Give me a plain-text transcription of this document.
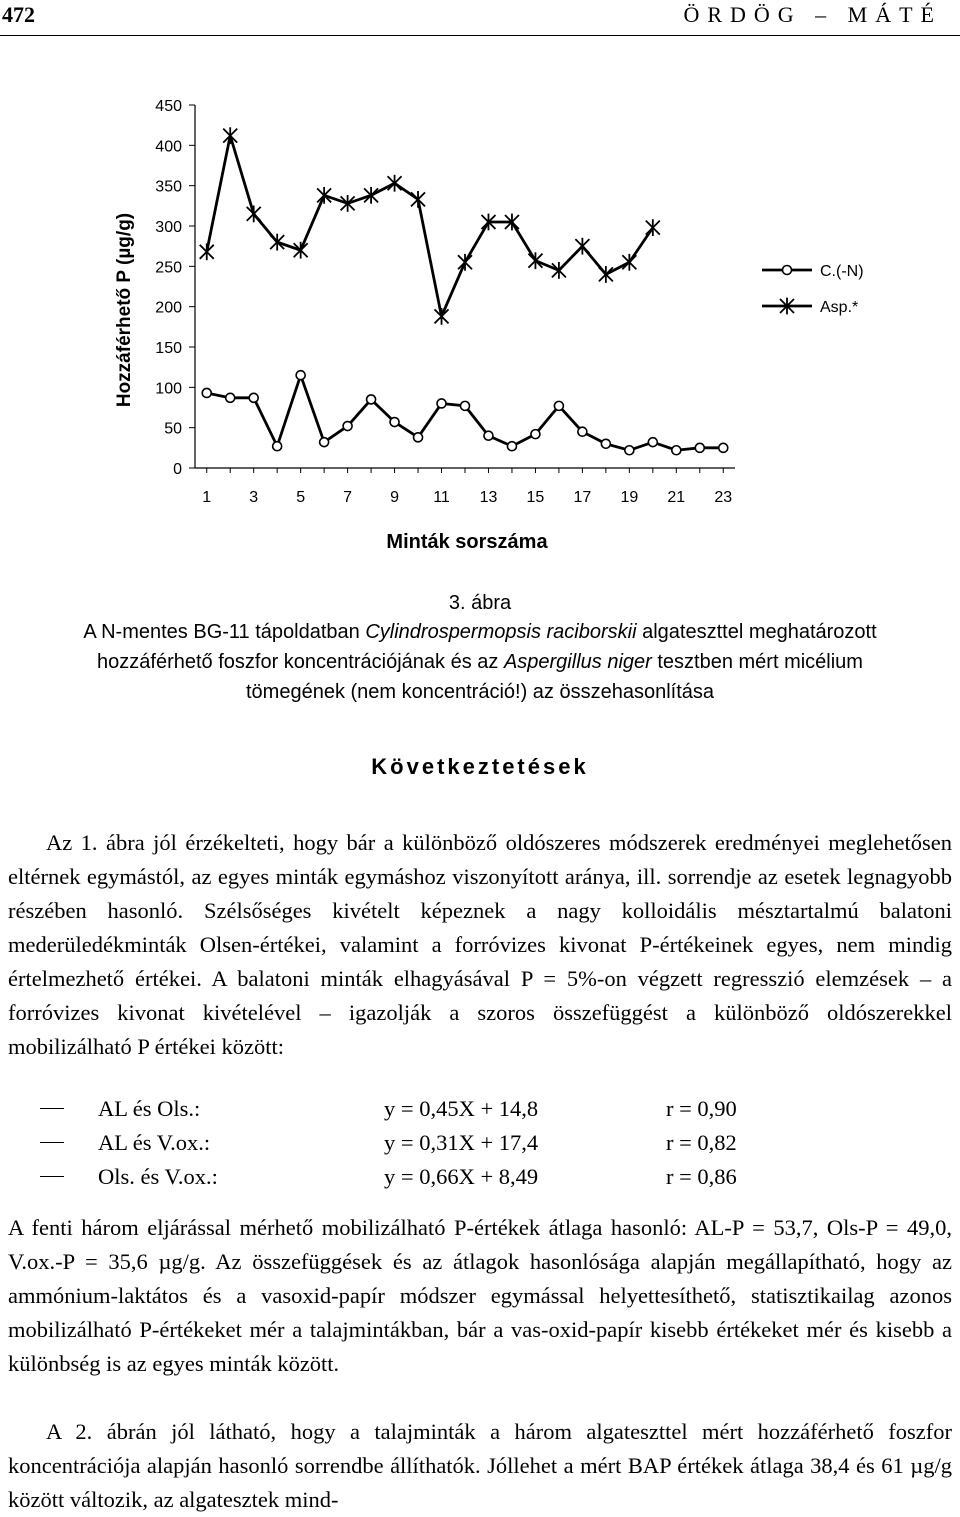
472	ÖRDÖG – MÁTÉ
Hozzáférhető P (µg/g)
Minták sorszáma
0
50
100
150
200
250
300
350
400
450
1 3 5 7 9 11 13 15 17 19 21 23
C.(-N)
Asp.*
3. ábra
A N-mentes BG-11 tápoldatban Cylindrospermopsis raciborskii algateszttel meghatározott
hozzáférhető foszfor koncentrációjának és az Aspergillus niger tesztben mért micélium
tömegének (nem koncentráció!) az összehasonlítása
Következtetések

Az 1. ábra jól érzékelteti, hogy bár a különböző oldószeres módszerek eredményei meglehetősen eltérnek egymástól, az egyes minták egymáshoz viszonyított aránya, ill. sorrendje az esetek legnagyobb részében hasonló. Szélsőséges kivételt képeznek a nagy kolloidális mésztartalmú balatoni mederüledékminták Olsen-értékei, valamint a forróvizes kivonat P-értékeinek egyes, nem mindig értelmezhető értékei. A balatoni minták elhagyásával P = 5%-on végzett regresszió elemzések – a forróvizes kivonat kivételével – igazolják a szoros összefüggést a különböző oldószerekkel mobilizálható P értékei között:

AL és Ols.:	y = 0,45X + 14,8	r = 0,90
AL és V.ox.:	y = 0,31X + 17,4	r = 0,82
Ols. és V.ox.:	y = 0,66X + 8,49	r = 0,86

A fenti három eljárással mérhető mobilizálható P-értékek átlaga hasonló: AL-P = 53,7, Ols-P = 49,0, V.ox.-P = 35,6 µg/g. Az összefüggések és az átlagok hasonlósága alapján megállapítható, hogy az ammónium-laktátos és a vasoxid-papír módszer egymással helyettesíthető, statisztikailag azonos mobilizálható P-értékeket mér a talajmintákban, bár a vas-oxid-papír kisebb értékeket mér és kisebb a különbség is az egyes minták között.

A 2. ábrán jól látható, hogy a talajminták a három algateszttel mért hozzáférhető foszfor koncentrációja alapján hasonló sorrendbe állíthatók. Jóllehet a mért BAP értékek átlaga 38,4 és 61 µg/g között változik, az algatesztek mind-
